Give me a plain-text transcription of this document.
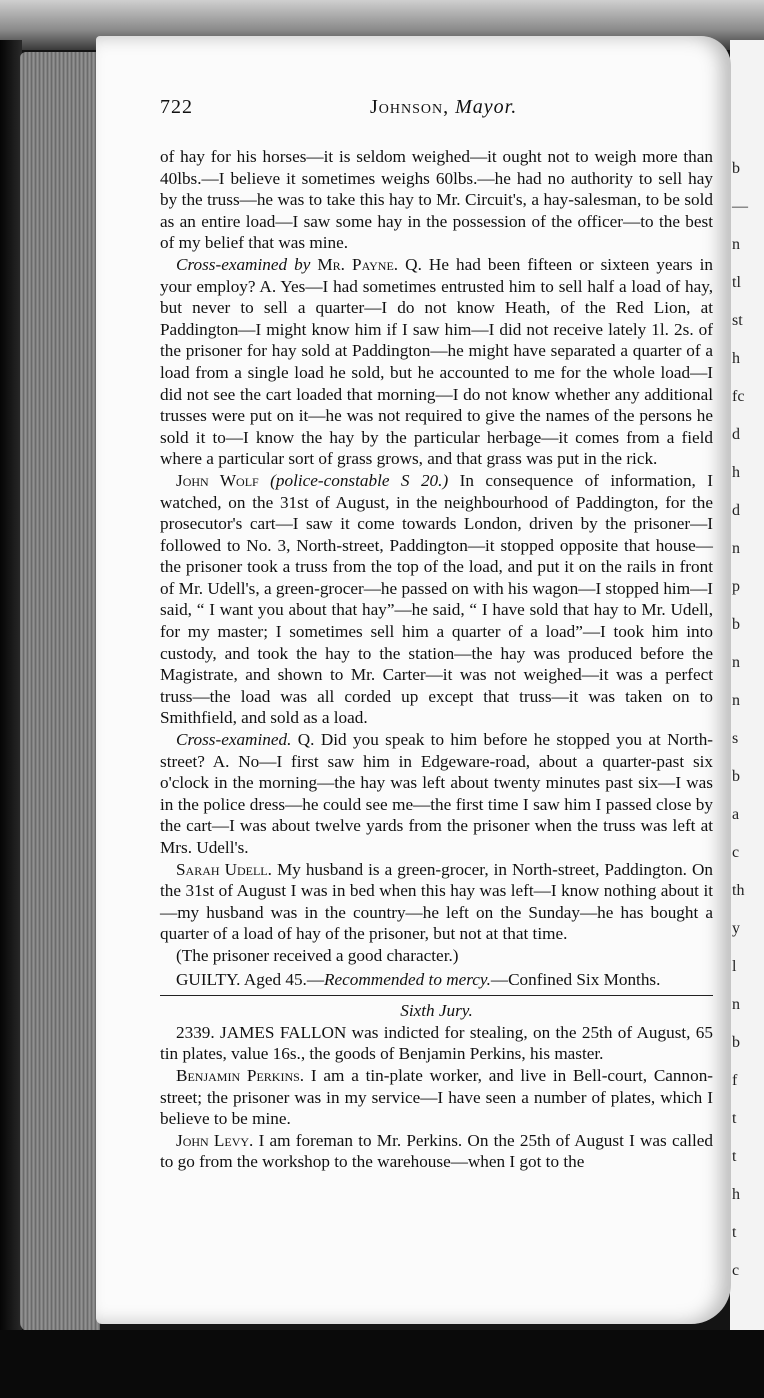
b
—
n
tl
st
h
fc
d
h
d
n
p
b
n
n
s
b
a
c
th
y
l
n
b
f
t
t
h
t
c
722	Johnson, Mayor.

of hay for his horses—it is seldom weighed—it ought not to weigh more than 40lbs.—I believe it sometimes weighs 60lbs.—he had no authority to sell hay by the truss—he was to take this hay to Mr. Circuit's, a hay-salesman, to be sold as an entire load—I saw some hay in the possession of the officer—to the best of my belief that was mine.

Cross-examined by Mr. Payne. Q. He had been fifteen or sixteen years in your employ? A. Yes—I had sometimes entrusted him to sell half a load of hay, but never to sell a quarter—I do not know Heath, of the Red Lion, at Paddington—I might know him if I saw him—I did not receive lately 1l. 2s. of the prisoner for hay sold at Paddington—he might have separated a quarter of a load from a single load he sold, but he accounted to me for the whole load—I did not see the cart loaded that morning—I do not know whether any additional trusses were put on it—he was not required to give the names of the persons he sold it to—I know the hay by the particular herbage—it comes from a field where a particular sort of grass grows, and that grass was put in the rick.

John Wolf (police-constable S 20.) In consequence of information, I watched, on the 31st of August, in the neighbourhood of Paddington, for the prosecutor's cart—I saw it come towards London, driven by the prisoner—I followed to No. 3, North-street, Paddington—it stopped opposite that house—the prisoner took a truss from the top of the load, and put it on the rails in front of Mr. Udell's, a green-grocer—he passed on with his wagon—I stopped him—I said, “ I want you about that hay”—he said, “ I have sold that hay to Mr. Udell, for my master; I sometimes sell him a quarter of a load”—I took him into custody, and took the hay to the station—the hay was produced before the Magistrate, and shown to Mr. Carter—it was not weighed—it was a perfect truss—the load was all corded up except that truss—it was taken on to Smithfield, and sold as a load.

Cross-examined. Q. Did you speak to him before he stopped you at North-street? A. No—I first saw him in Edgeware-road, about a quarter-past six o'clock in the morning—the hay was left about twenty minutes past six—I was in the police dress—he could see me—the first time I saw him I passed close by the cart—I was about twelve yards from the prisoner when the truss was left at Mrs. Udell's.

Sarah Udell. My husband is a green-grocer, in North-street, Paddington. On the 31st of August I was in bed when this hay was left—I know nothing about it—my husband was in the country—he left on the Sunday—he has bought a quarter of a load of hay of the prisoner, but not at that time.

(The prisoner received a good character.)

GUILTY. Aged 45.—Recommended to mercy.—Confined Six Months.

Sixth Jury.

2339. JAMES FALLON was indicted for stealing, on the 25th of August, 65 tin plates, value 16s., the goods of Benjamin Perkins, his master.

Benjamin Perkins. I am a tin-plate worker, and live in Bell-court, Cannon-street; the prisoner was in my service—I have seen a number of plates, which I believe to be mine.

John Levy. I am foreman to Mr. Perkins. On the 25th of August I was called to go from the workshop to the warehouse—when I got to the
